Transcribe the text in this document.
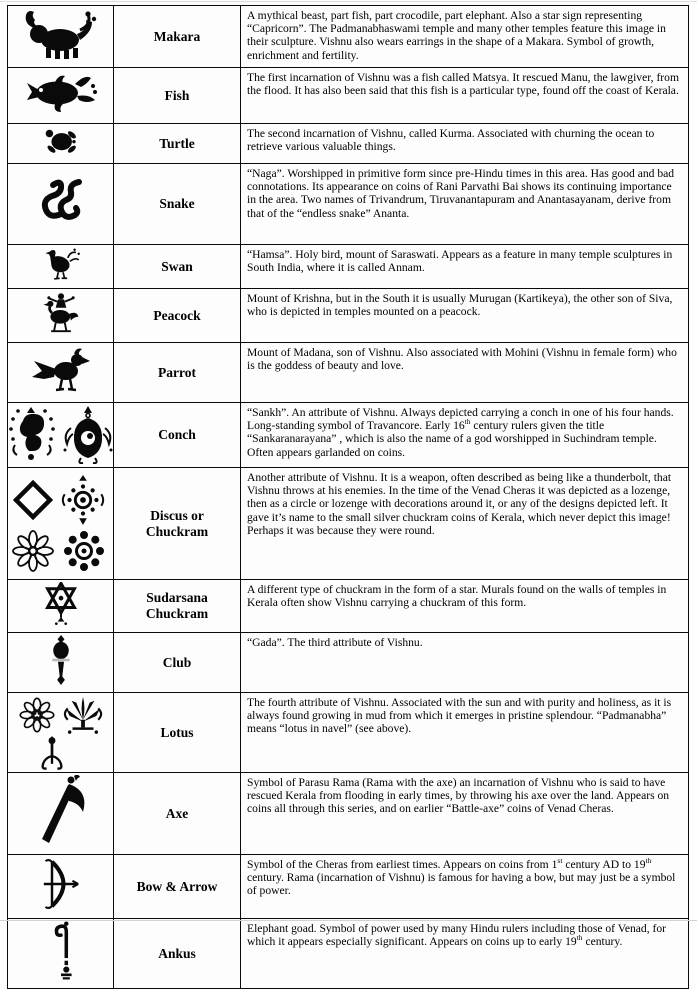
	Makara	A mythical beast, part fish, part crocodile, part elephant. Also a star sign representing “Capricorn”. The Padmanabhaswami temple and many other temples feature this image in their sculpture. Vishnu also wears earrings in the shape of a Makara. Symbol of growth, enrichment and fertility.
	Fish	The first incarnation of Vishnu was a fish called Matsya. It rescued Manu, the lawgiver, from the flood. It has also been said that this fish is a particular type, found off the coast of Kerala.
	Turtle	The second incarnation of Vishnu, called Kurma. Associated with churning the ocean to retrieve various valuable things.
	Snake	“Naga”. Worshipped in primitive form since pre-Hindu times in this area. Has good and bad connotations. Its appearance on coins of Rani Parvathi Bai shows its continuing importance in the area. Two names of Trivandrum, Tiruvanantapuram and Anantasayanam, derive from that of the “endless snake” Ananta.
	Swan	“Hamsa”. Holy bird, mount of Saraswati. Appears as a feature in many temple sculptures in South India, where it is called Annam.
	Peacock	Mount of Krishna, but in the South it is usually Murugan (Kartikeya), the other son of Siva, who is depicted in temples mounted on a peacock.
	Parrot	Mount of Madana, son of Vishnu. Also associated with Mohini (Vishnu in female form) who is the goddess of beauty and love.

	Conch	“Sankh”. An attribute of Vishnu. Always depicted carrying a conch in one of his four hands. Long-standing symbol of Travancore. Early 16th century rulers given the title “Sankaranarayana” , which is also the name of a god worshipped in Suchindram temple. Often appears garlanded on coins.

	Discus or Chuckram	Another attribute of Vishnu. It is a weapon, often described as being like a thunderbolt, that Vishnu throws at his enemies. In the time of the Venad Cheras it was depicted as a lozenge, then as a circle or lozenge with decorations around it, or any of the designs depicted left. It gave it’s name to the small silver chuckram coins of Kerala, which never depict this image! Perhaps it was because they were round.
	Sudarsana Chuckram	A different type of chuckram in the form of a star. Murals found on the walls of temples in Kerala often show Vishnu carrying a chuckram of this form.
	Club	“Gada”. The third attribute of Vishnu.

	Lotus	The fourth attribute of Vishnu. Associated with the sun and with purity and holiness, as it is always found growing in mud from which it emerges in pristine splendour. “Padmanabha” means “lotus in navel” (see above).
	Axe	Symbol of Parasu Rama (Rama with the axe) an incarnation of Vishnu who is said to have rescued Kerala from flooding in early times, by throwing his axe over the land. Appears on coins all through this series, and on earlier “Battle-axe” coins of Venad Cheras.
	Bow & Arrow	Symbol of the Cheras from earliest times. Appears on coins from 1st century AD to 19th century. Rama (incarnation of Vishnu) is famous for having a bow, but may just be a symbol of power.
	Ankus	Elephant goad. Symbol of power used by many Hindu rulers including those of Venad, for which it appears especially significant. Appears on coins up to early 19th century.
